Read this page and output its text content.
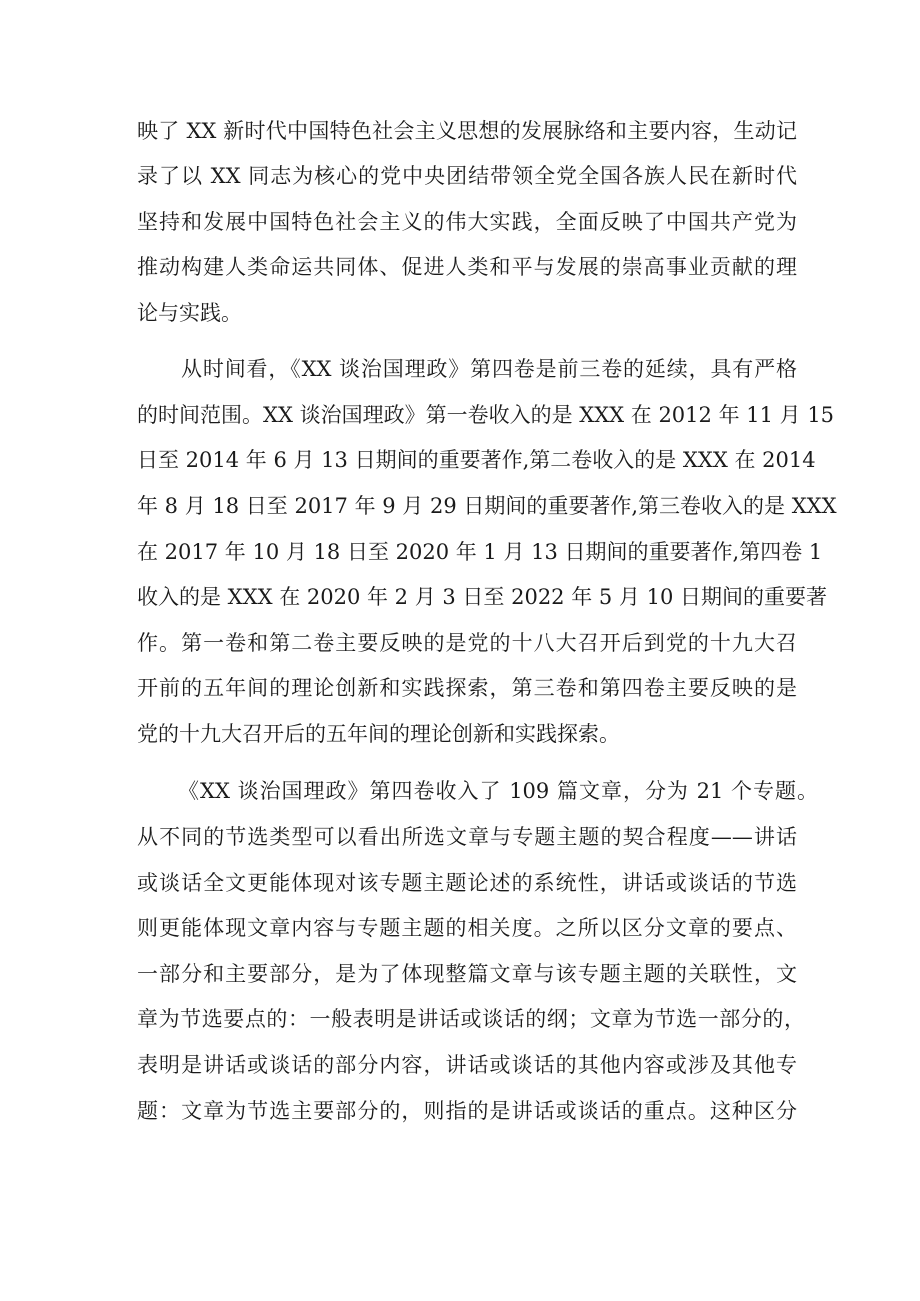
映了 XX 新时代中国特色社会主义思想的发展脉络和主要内容，生动记
录了以 XX 同志为核心的党中央团结带领全党全国各族人民在新时代
坚持和发展中国特色社会主义的伟大实践，全面反映了中国共产党为
推动构建人类命运共同体、促进人类和平与发展的崇高事业贡献的理
论与实践。
从时间看，《XX 谈治国理政》第四卷是前三卷的延续，具有严格
的时间范围。XX 谈治国理政》第一卷收入的是 XXX 在 2012 年 11 月 15
日至 2014 年 6 月 13 日期间的重要著作,第二卷收入的是 XXX 在 2014
年 8 月 18 日至 2017 年 9 月 29 日期间的重要著作,第三卷收入的是 XXX
在 2017 年 10 月 18 日至 2020 年 1 月 13 日期间的重要著作,第四卷 1
收入的是 XXX 在 2020 年 2 月 3 日至 2022 年 5 月 10 日期间的重要著
作。第一卷和第二卷主要反映的是党的十八大召开后到党的十九大召
开前的五年间的理论创新和实践探索，第三卷和第四卷主要反映的是
党的十九大召开后的五年间的理论创新和实践探索。
《XX 谈治国理政》第四卷收入了 109 篇文章，分为 21 个专题。
从不同的节选类型可以看出所选文章与专题主题的契合程度——讲话
或谈话全文更能体现对该专题主题论述的系统性，讲话或谈话的节选
则更能体现文章内容与专题主题的相关度。之所以区分文章的要点、
一部分和主要部分，是为了体现整篇文章与该专题主题的关联性，文
章为节选要点的：一般表明是讲话或谈话的纲；文章为节选一部分的，
表明是讲话或谈话的部分内容，讲话或谈话的其他内容或涉及其他专
题：文章为节选主要部分的，则指的是讲话或谈话的重点。这种区分
